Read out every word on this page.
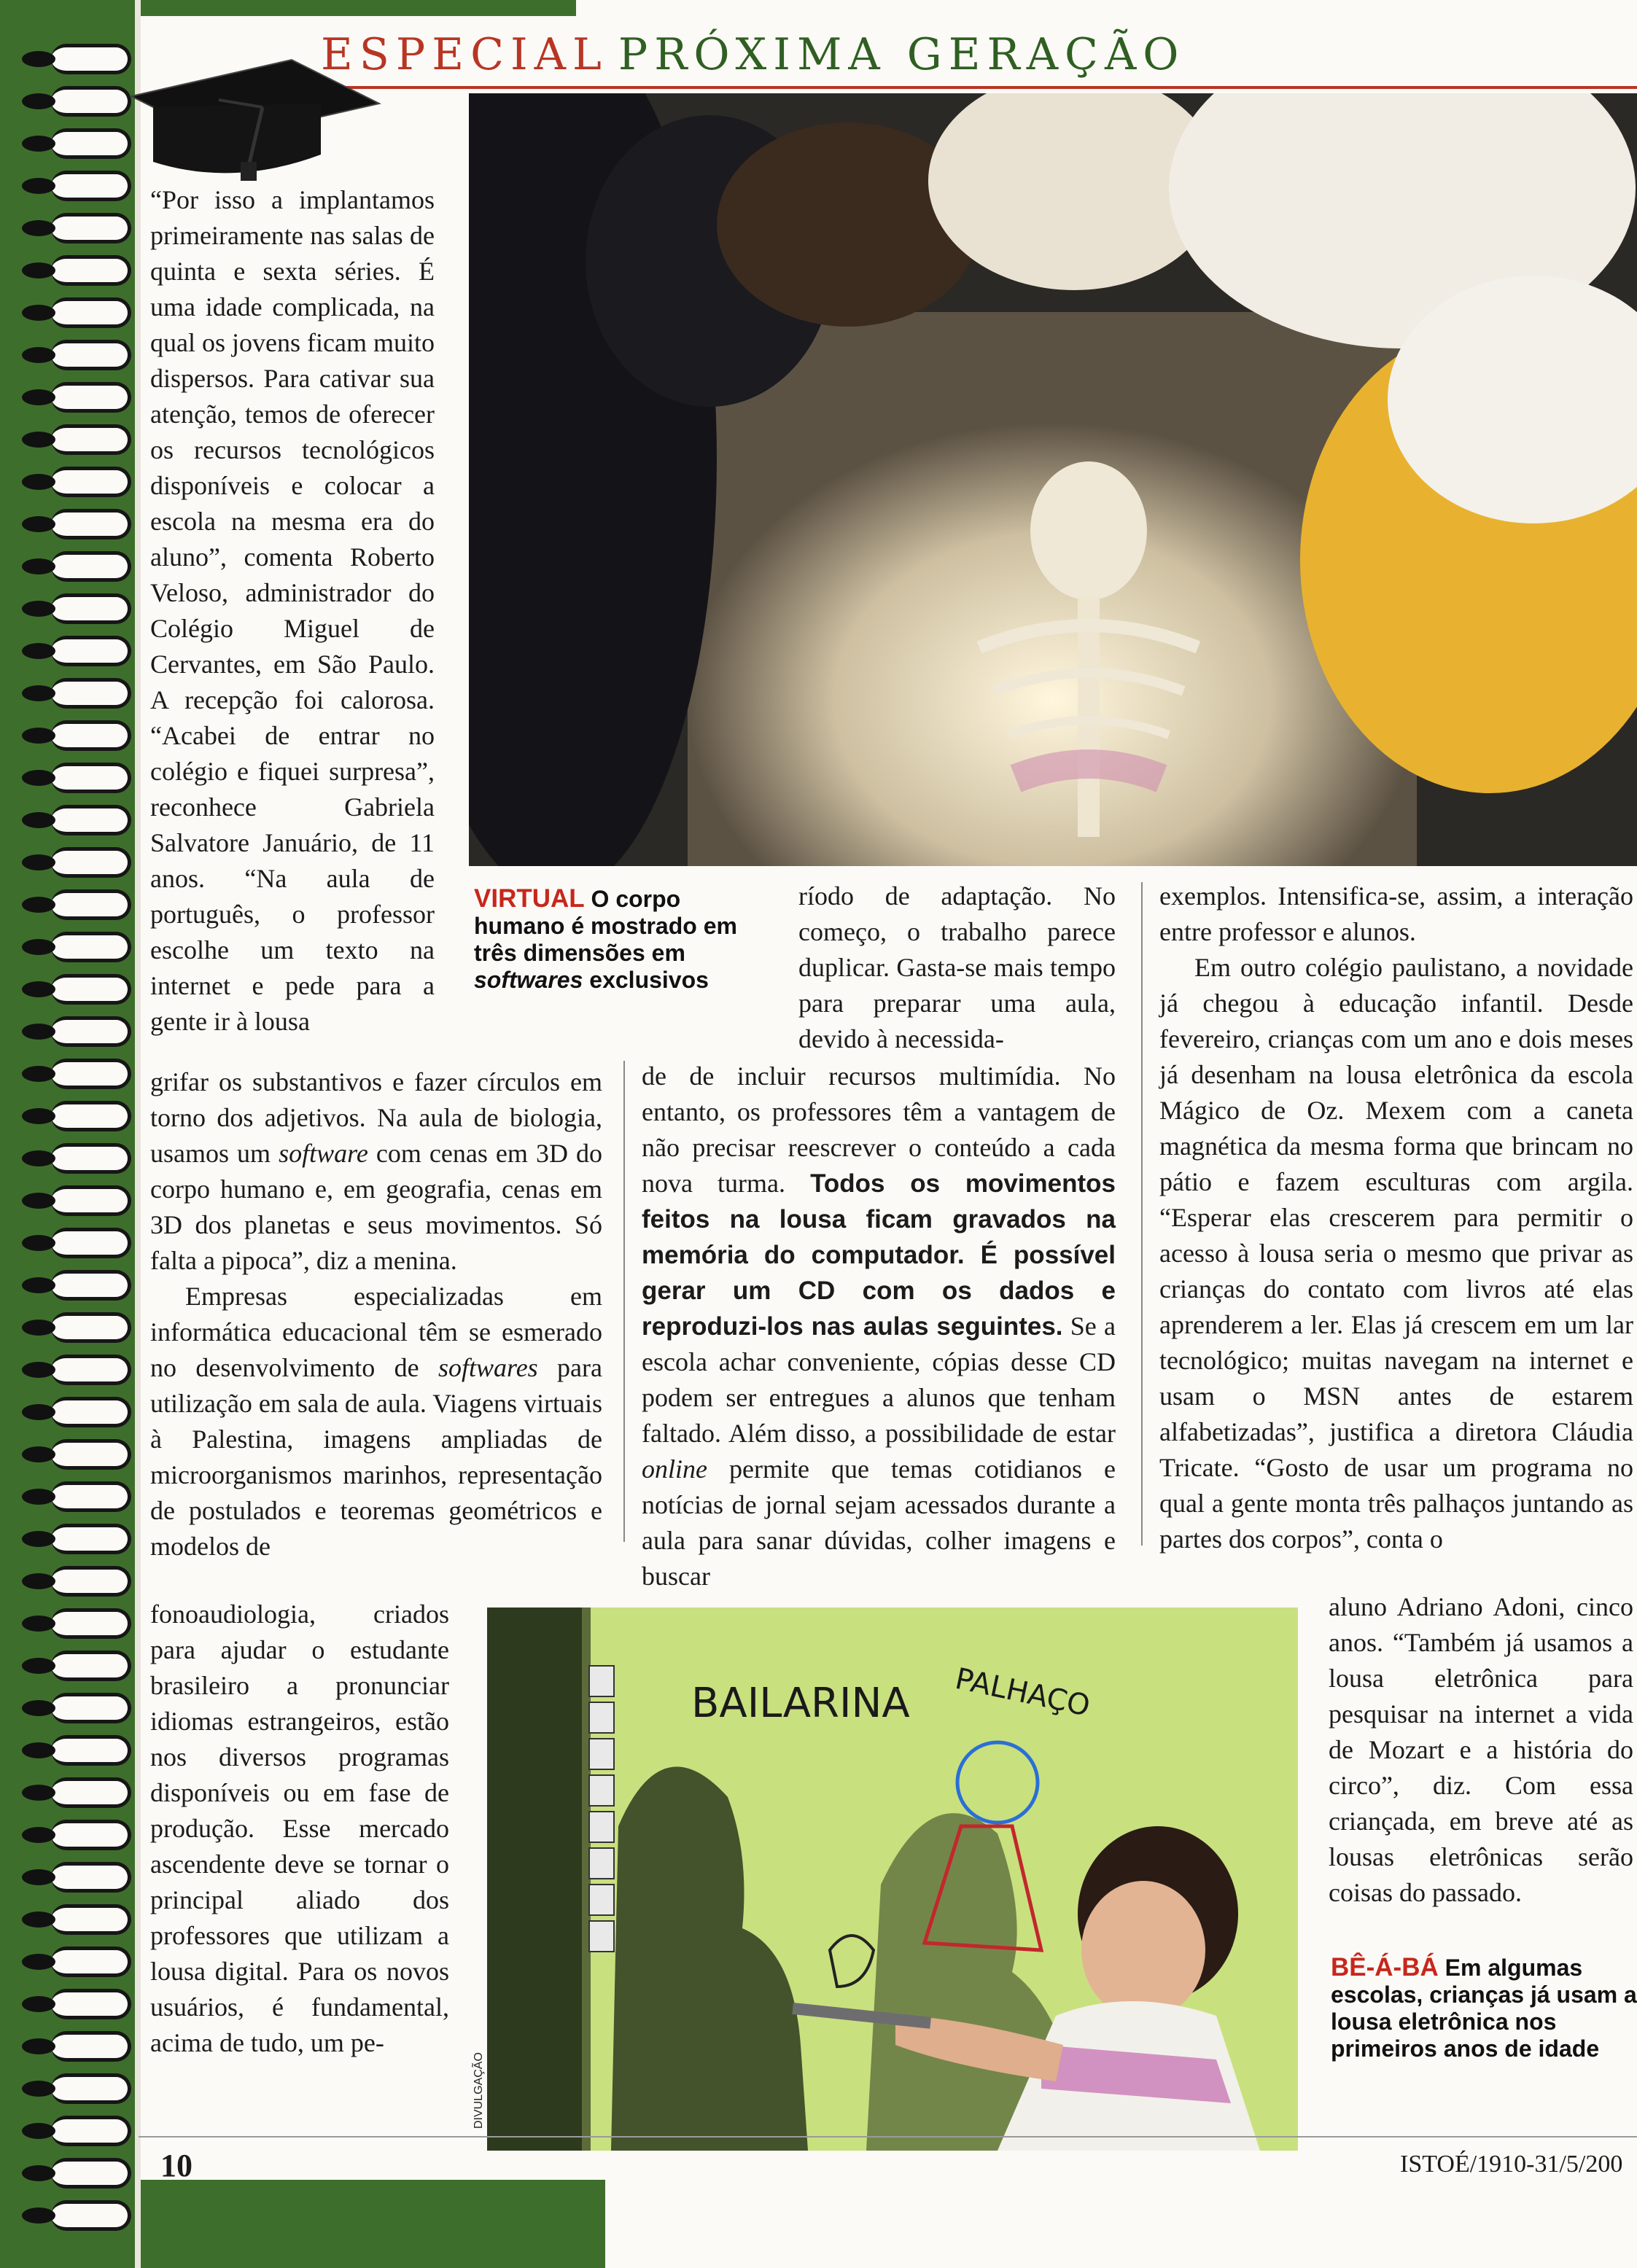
ESPECIAL PRÓXIMA GERAÇÃO

“Por isso a implantamos primeiramente nas salas de quinta e sexta séries. É uma idade complicada, na qual os jovens ficam muito dispersos. Para cativar sua atenção, temos de oferecer os recursos tecnológicos disponíveis e colocar a escola na mesma era do aluno”, comenta Roberto Veloso, administrador do Colégio Miguel de Cervantes, em São Paulo. A recepção foi calorosa. “Acabei de entrar no colégio e fiquei surpresa”, reconhece Gabriela Salvatore Januário, de 11 anos. “Na aula de português, o professor escolhe um texto na internet e pede para a gente ir à lousa

grifar os substantivos e fazer círculos em torno dos adjetivos. Na aula de biologia, usamos um software com cenas em 3D do corpo humano e, em geografia, cenas em 3D dos planetas e seus movimentos. Só falta a pipoca”, diz a menina.

Empresas especializadas em informática educacional têm se esmerado no desenvolvimento de softwares para utilização em sala de aula. Viagens virtuais à Palestina, imagens ampliadas de microorganismos marinhos, representação de postulados e teoremas geométricos e modelos de

fonoaudiologia, criados para ajudar o estudante brasileiro a pronunciar idiomas estrangeiros, estão nos diversos programas disponíveis ou em fase de produção. Esse mercado ascendente deve se tornar o principal aliado dos professores que utilizam a lousa digital. Para os novos usuários, é fundamental, acima de tudo, um pe-

VIRTUAL O corpo humano é mostrado em três dimensões em softwares exclusivos

ríodo de adaptação. No começo, o trabalho parece duplicar. Gasta-se mais tempo para preparar uma aula, devido à necessida-

de de incluir recursos multimídia. No entanto, os professores têm a vantagem de não precisar reescrever o conteúdo a cada nova turma. Todos os movimentos feitos na lousa ficam gravados na memória do computador. É possível gerar um CD com os dados e reproduzi-los nas aulas seguintes. Se a escola achar conveniente, cópias desse CD podem ser entregues a alunos que tenham faltado. Além disso, a possibilidade de estar online permite que temas cotidianos e notícias de jornal sejam acessados durante a aula para sanar dúvidas, colher imagens e buscar

exemplos. Intensifica-se, assim, a interação entre professor e alunos.

Em outro colégio paulistano, a novidade já chegou à educação infantil. Desde fevereiro, crianças com um ano e dois meses já desenham na lousa eletrônica da escola Mágico de Oz. Mexem com a caneta magnética da mesma forma que brincam no pátio e fazem esculturas com argila. “Esperar elas crescerem para permitir o acesso à lousa seria o mesmo que privar as crianças do contato com livros até elas aprenderem a ler. Elas já crescem em um lar tecnológico; muitas navegam na internet e usam o MSN antes de estarem alfabetizadas”, justifica a diretora Cláudia Tricate. “Gosto de usar um programa no qual a gente monta três palhaços juntando as partes dos corpos”, conta o

aluno Adriano Adoni, cinco anos. “Também já usamos a lousa eletrônica para pesquisar na internet a vida de Mozart e a história do circo”, diz. Com essa criançada, em breve até as lousas eletrônicas serão coisas do passado.

BAILARINA PALHAÇO
DIVULGAÇÃO
BÊ-Á-BÁ Em algumas escolas, crianças já usam a lousa eletrônica nos primeiros anos de idade
10	ISTOÉ/1910-31/5/200
